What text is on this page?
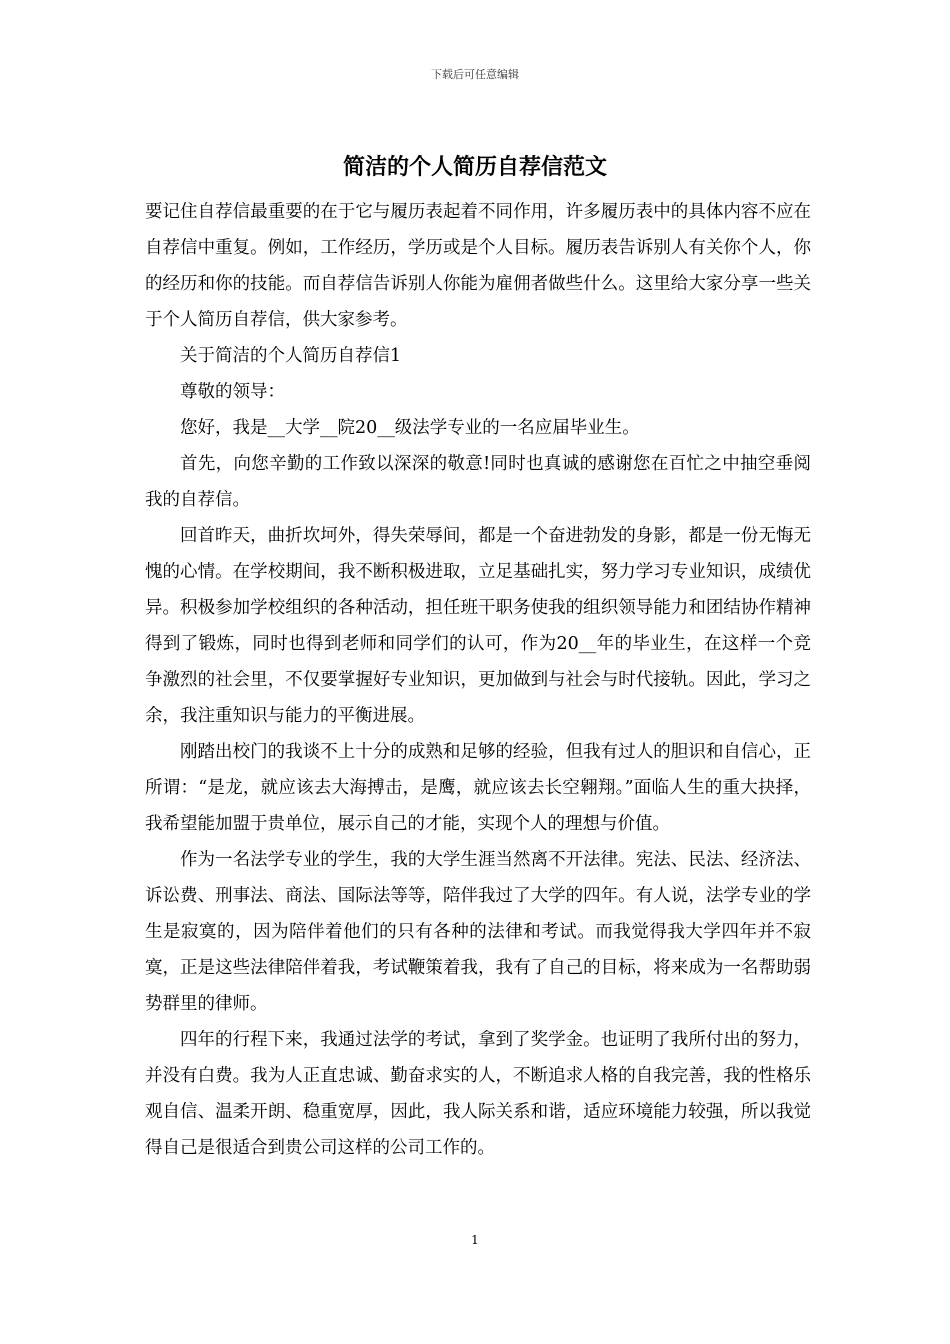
下载后可任意编辑
简洁的个人简历自荐信范文

要记住自荐信最重要的在于它与履历表起着不同作用，许多履历表中的具体内容不应在自荐信中重复。例如，工作经历，学历或是个人目标。履历表告诉别人有关你个人，你的经历和你的技能。而自荐信告诉别人你能为雇佣者做些什么。这里给大家分享一些关于个人简历自荐信，供大家参考。

关于简洁的个人简历自荐信1

尊敬的领导：

您好，我是__大学__院20__级法学专业的一名应届毕业生。

首先，向您辛勤的工作致以深深的敬意!同时也真诚的感谢您在百忙之中抽空垂阅我的自荐信。

回首昨天，曲折坎坷外，得失荣辱间，都是一个奋进勃发的身影，都是一份无悔无愧的心情。在学校期间，我不断积极进取，立足基础扎实，努力学习专业知识，成绩优异。积极参加学校组织的各种活动，担任班干职务使我的组织领导能力和团结协作精神得到了锻炼，同时也得到老师和同学们的认可，作为20__年的毕业生，在这样一个竞争激烈的社会里，不仅要掌握好专业知识，更加做到与社会与时代接轨。因此，学习之余，我注重知识与能力的平衡进展。

刚踏出校门的我谈不上十分的成熟和足够的经验，但我有过人的胆识和自信心，正所谓：“是龙，就应该去大海搏击，是鹰，就应该去长空翱翔。”面临人生的重大抉择，我希望能加盟于贵单位，展示自己的才能，实现个人的理想与价值。

作为一名法学专业的学生，我的大学生涯当然离不开法律。宪法、民法、经济法、诉讼费、刑事法、商法、国际法等等，陪伴我过了大学的四年。有人说，法学专业的学生是寂寞的，因为陪伴着他们的只有各种的法律和考试。而我觉得我大学四年并不寂寞，正是这些法律陪伴着我，考试鞭策着我，我有了自己的目标，将来成为一名帮助弱势群里的律师。

四年的行程下来，我通过法学的考试，拿到了奖学金。也证明了我所付出的努力，并没有白费。我为人正直忠诚、勤奋求实的人，不断追求人格的自我完善，我的性格乐观自信、温柔开朗、稳重宽厚，因此，我人际关系和谐，适应环境能力较强，所以我觉得自己是很适合到贵公司这样的公司工作的。

1
